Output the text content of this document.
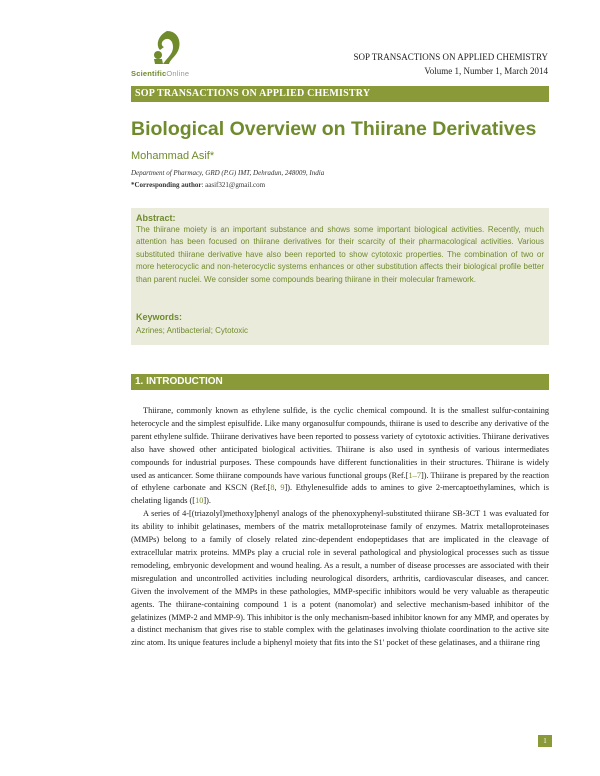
ScientificOnline
SOP TRANSACTIONS ON APPLIED CHEMISTRY
Volume 1, Number 1, March 2014
SOP TRANSACTIONS ON APPLIED CHEMISTRY
Biological Overview on Thiirane Derivatives
Mohammad Asif*
Department of Pharmacy, GRD (P.G) IMT, Dehradun, 248009, India
*Corresponding author: aasif321@gmail.com
Abstract:
The thiirane moiety is an important substance and shows some important biological activities. Recently, much attention has been focused on thiirane derivatives for their scarcity of their pharmacological activities. Various substituted thiirane derivative have also been reported to show cytotoxic properties. The combination of two or more heterocyclic and non-heterocyclic systems enhances or other substitution affects their biological profile better than parent nuclei. We consider some compounds bearing thiirane in their molecular framework.
Keywords:
Azrines; Antibacterial; Cytotoxic
1. INTRODUCTION

Thiirane, commonly known as ethylene sulfide, is the cyclic chemical compound. It is the smallest sulfur-containing heterocycle and the simplest episulfide. Like many organosulfur compounds, thiirane is used to describe any derivative of the parent ethylene sulfide. Thiirane derivatives have been reported to possess variety of cytotoxic activities. Thiirane derivatives also have showed other anticipated biological activities. Thiirane is also used in synthesis of various intermediates compounds for industrial purposes. These compounds have different functionalities in their structures. Thiirane is widely used as anticancer. Some thiirane compounds have various functional groups (Ref.[1–7]). Thiirane is prepared by the reaction of ethylene carbonate and KSCN (Ref.[8, 9]). Ethylenesulfide adds to amines to give 2-mercaptoethylamines, which is chelating ligands ([10]).

A series of 4-[(triazolyl)methoxy]phenyl analogs of the phenoxyphenyl-substituted thiirane SB-3CT 1 was evaluated for its ability to inhibit gelatinases, members of the matrix metalloproteinase family of enzymes. Matrix metalloproteinases (MMPs) belong to a family of closely related zinc-dependent endopeptidases that are implicated in the cleavage of extracellular matrix proteins. MMPs play a crucial role in several pathological and physiological processes such as tissue remodeling, embryonic development and wound healing. As a result, a number of disease processes are associated with their misregulation and uncontrolled activities including neurological disorders, arthritis, cardiovascular diseases, and cancer. Given the involvement of the MMPs in these pathologies, MMP-specific inhibitors would be very valuable as therapeutic agents. The thiirane-containing compound 1 is a potent (nanomolar) and selective mechanism-based inhibitor of the gelatinizes (MMP-2 and MMP-9). This inhibitor is the only mechanism-based inhibitor known for any MMP, and operates by a distinct mechanism that gives rise to stable complex with the gelatinases involving thiolate coordination to the active site zinc atom. Its unique features include a biphenyl moiety that fits into the S1′ pocket of these gelatinases, and a thiirane ring

1
